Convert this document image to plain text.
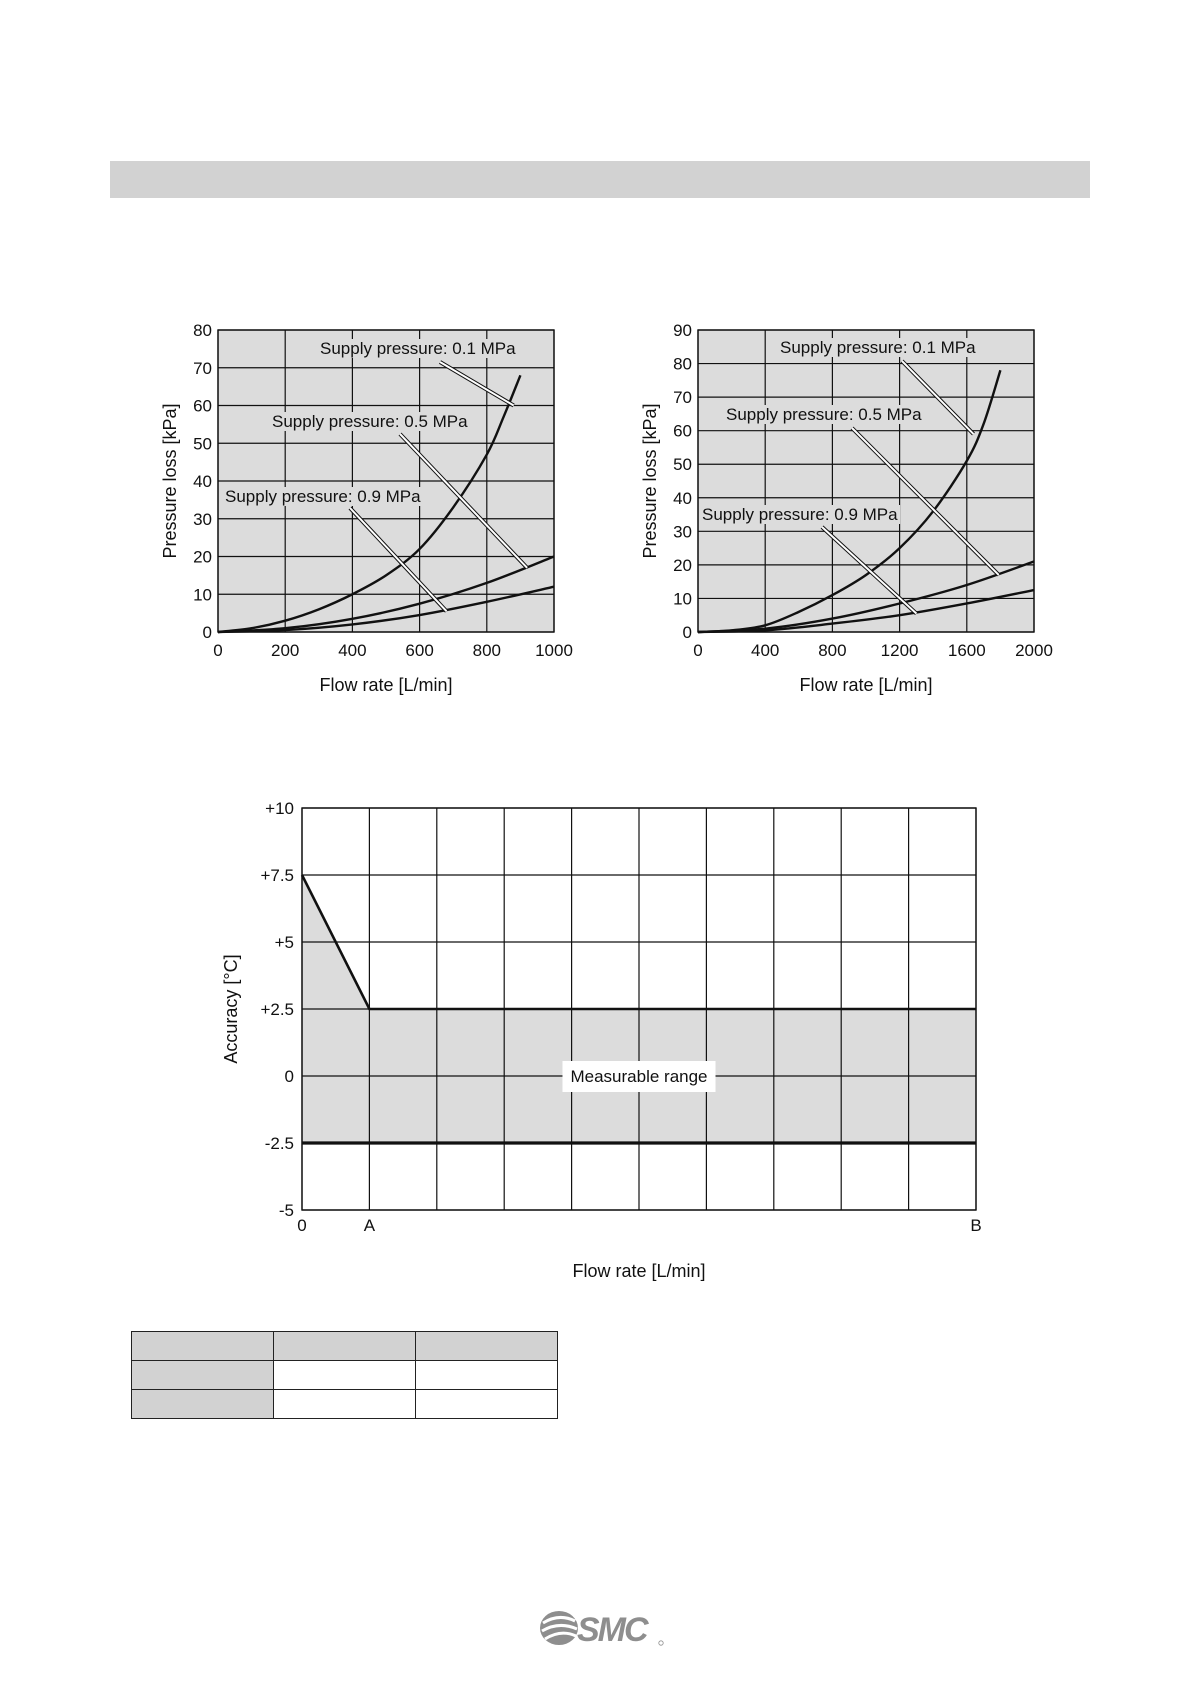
0	200 400 600 800 1000
0
10
20
30
40
50
60
70
80
Flow rate [L/min]
Pressure loss [kPa]
Supply pressure: 0.1 MPa
Supply pressure: 0.5 MPa
Supply pressure: 0.9 MPa
0	400 800 1200 1600 2000
0
10
20
30
40
50
60
70
80
90
Flow rate [L/min]
Pressure loss [kPa]
Supply pressure: 0.1 MPa
Supply pressure: 0.5 MPa
Supply pressure: 0.9 MPa
+10
+7.5
+5
+2.5
0
-2.5
-5
0	A	B
Flow rate [L/min]
Accuracy [°C]
Measurable range

SMC
